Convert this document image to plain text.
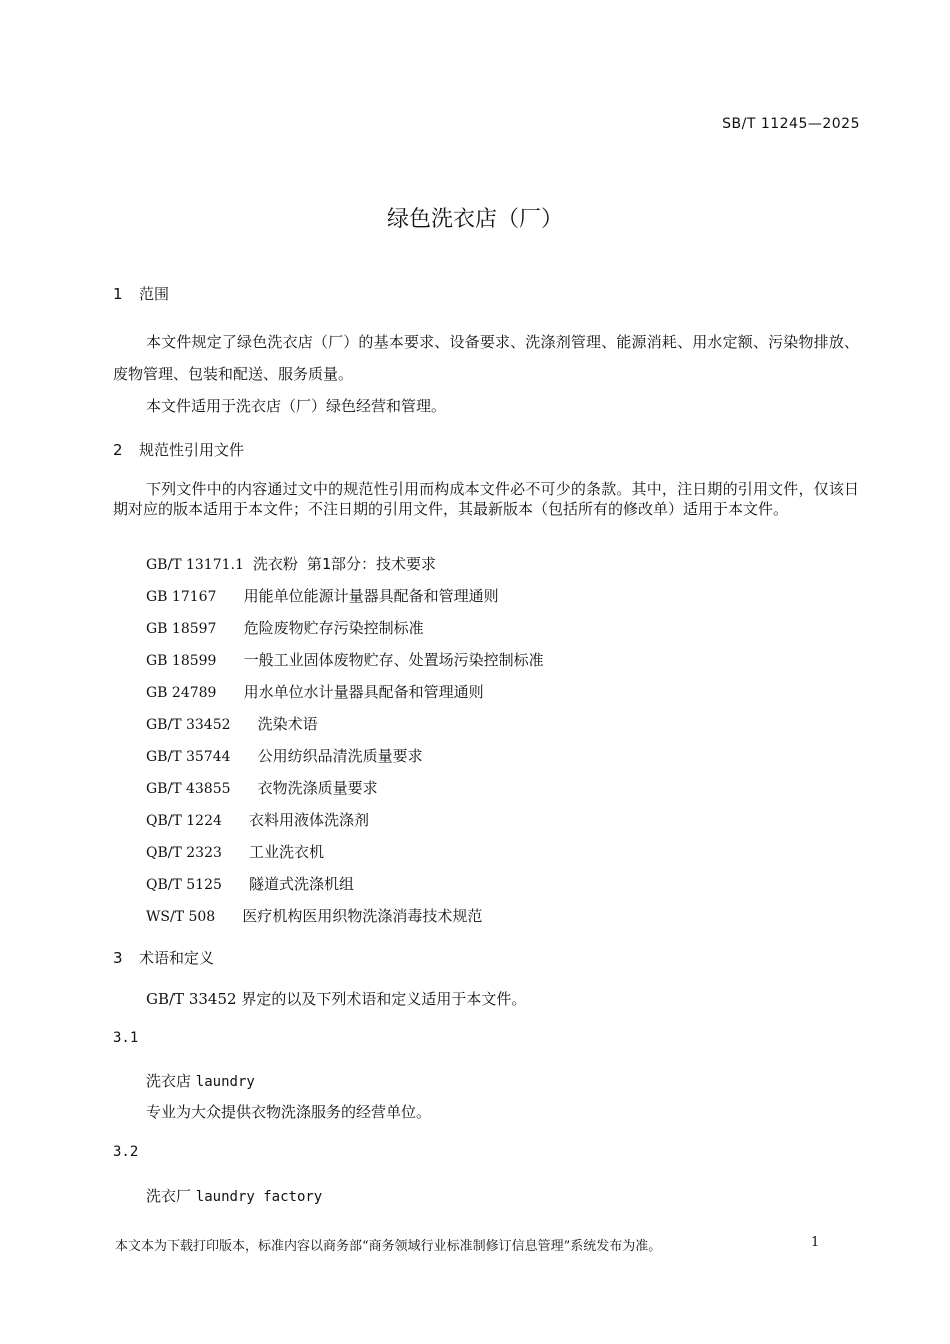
SB/T 11245—2025
绿色洗衣店（厂）
1 范围
本文件规定了绿色洗衣店（厂）的基本要求、设备要求、洗涤剂管理、能源消耗、用水定额、污染物排放、废物管理、包装和配送、服务质量。
本文件适用于洗衣店（厂）绿色经营和管理。
2 规范性引用文件
下列文件中的内容通过文中的规范性引用而构成本文件必不可少的条款。其中，注日期的引用文件，仅该日期对应的版本适用于本文件；不注日期的引用文件，其最新版本（包括所有的修改单）适用于本文件。
GB/T 13171.1 洗衣粉 第1部分：技术要求
GB 17167 用能单位能源计量器具配备和管理通则
GB 18597 危险废物贮存污染控制标准
GB 18599 一般工业固体废物贮存、处置场污染控制标准
GB 24789 用水单位水计量器具配备和管理通则
GB/T 33452 洗染术语
GB/T 35744 公用纺织品清洗质量要求
GB/T 43855 衣物洗涤质量要求
QB/T 1224 衣料用液体洗涤剂
QB/T 2323 工业洗衣机
QB/T 5125 隧道式洗涤机组
WS/T 508 医疗机构医用织物洗涤消毒技术规范
3 术语和定义
GB/T 33452 界定的以及下列术语和定义适用于本文件。
3.1
洗衣店 laundry
专业为大众提供衣物洗涤服务的经营单位。
3.2
洗衣厂 laundry factory
本文本为下载打印版本，标准内容以商务部“商务领域行业标准制修订信息管理”系统发布为准。	1
